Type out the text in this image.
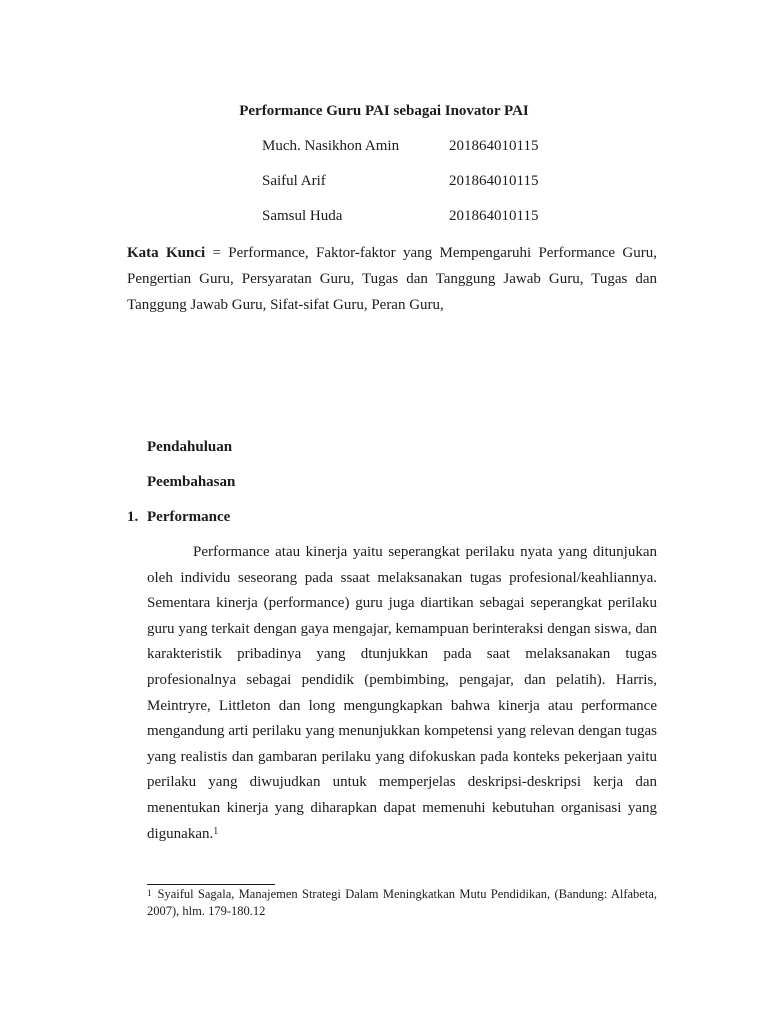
Performance Guru PAI sebagai Inovator PAI
Much. Nasikhon Amin	201864010115
Saiful Arif	201864010115
Samsul Huda	201864010115
Kata Kunci = Performance, Faktor-faktor yang Mempengaruhi Performance Guru, Pengertian Guru, Persyaratan Guru, Tugas dan Tanggung Jawab Guru, Tugas dan Tanggung Jawab Guru, Sifat-sifat Guru, Peran Guru,
Pendahuluan
Peembahasan
1. Performance
Performance atau kinerja yaitu seperangkat perilaku nyata yang ditunjukan oleh individu seseorang pada ssaat melaksanakan tugas profesional/keahliannya. Sementara kinerja (performance) guru juga diartikan sebagai seperangkat perilaku guru yang terkait dengan gaya mengajar, kemampuan berinteraksi dengan siswa, dan karakteristik pribadinya yang dtunjukkan pada saat melaksanakan tugas profesionalnya sebagai pendidik (pembimbing, pengajar, dan pelatih). Harris, Meintryre, Littleton dan long mengungkapkan bahwa kinerja atau performance mengandung arti perilaku yang menunjukkan kompetensi yang relevan dengan tugas yang realistis dan gambaran perilaku yang difokuskan pada konteks pekerjaan yaitu perilaku yang diwujudkan untuk memperjelas deskripsi-deskripsi kerja dan menentukan kinerja yang diharapkan dapat memenuhi kebutuhan organisasi yang digunakan.$^1$
$^1$ Syaiful Sagala, Manajemen Strategi Dalam Meningkatkan Mutu Pendidikan, (Bandung: Alfabeta, 2007), hlm. 179-180.12
